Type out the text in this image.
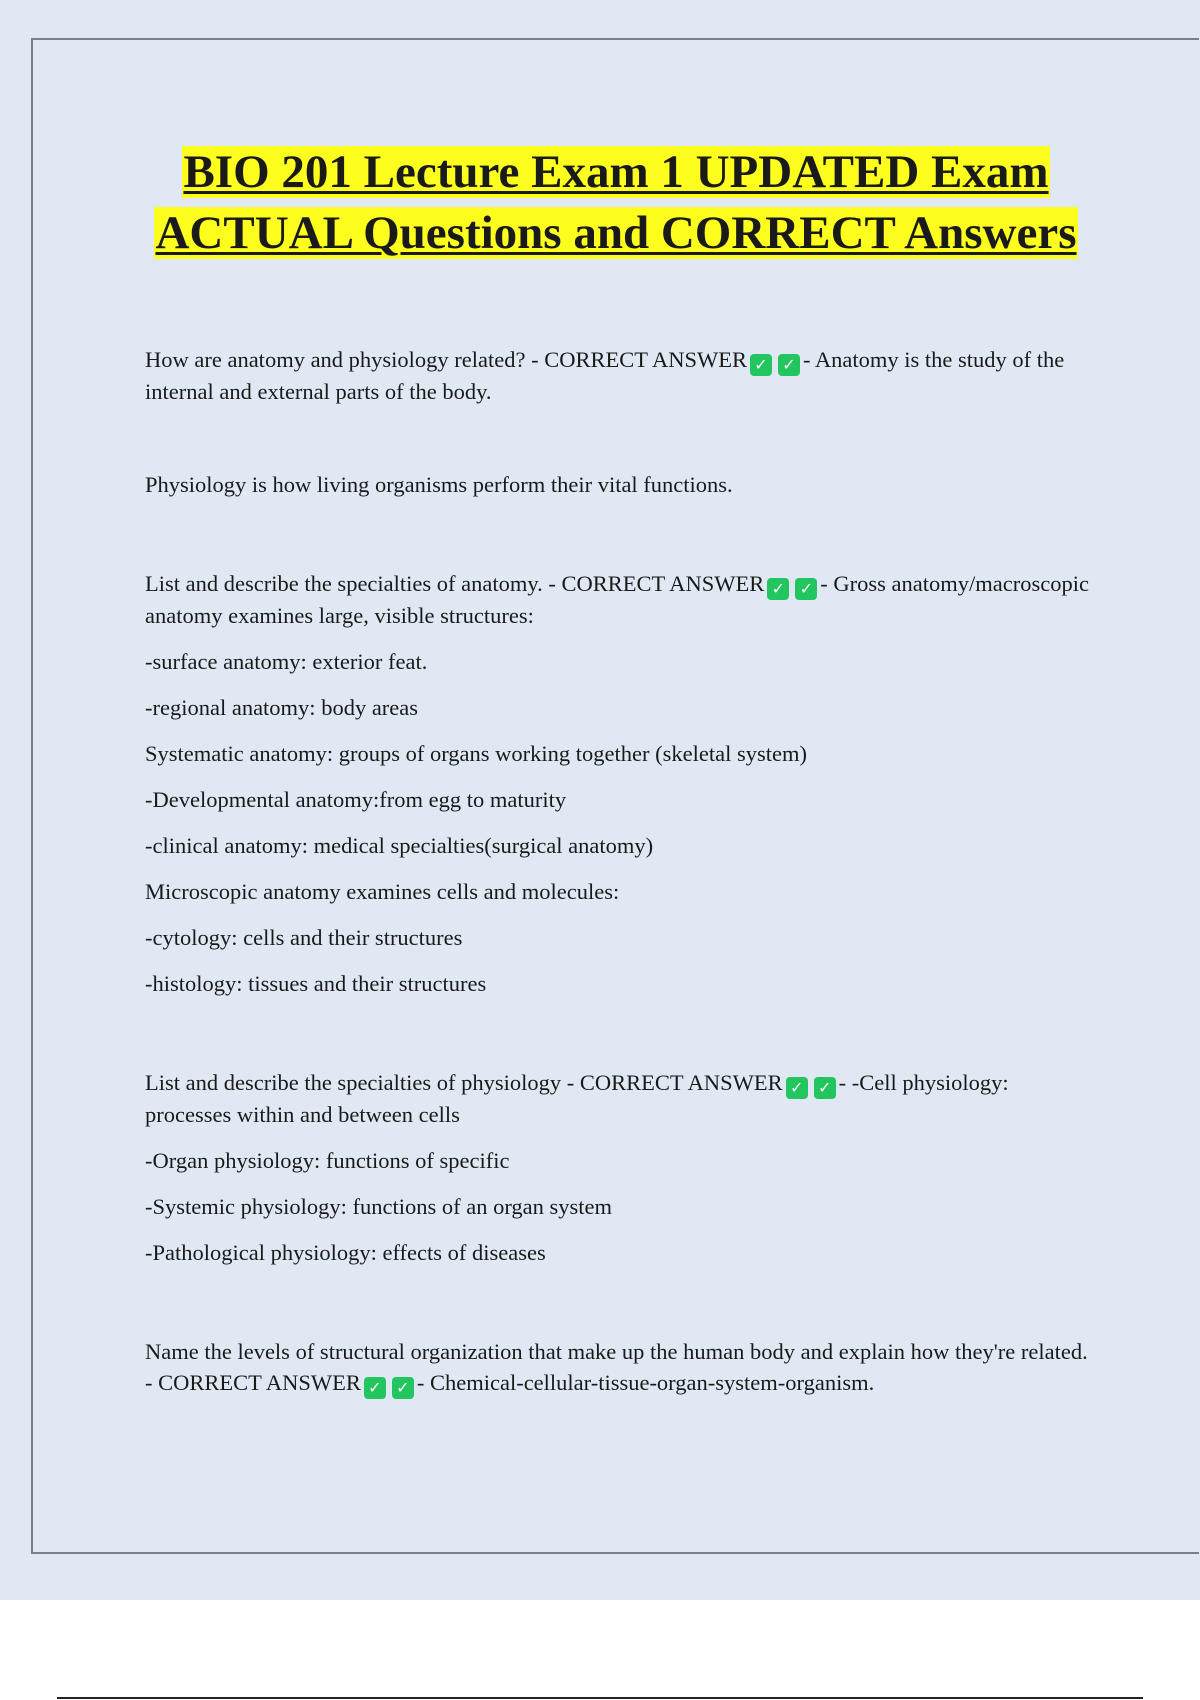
BIO 201 Lecture Exam 1 UPDATED Exam ACTUAL Questions and CORRECT Answers

How are anatomy and physiology related? - CORRECT ANSWER ✓ ✓ - Anatomy is the study of the internal and external parts of the body.

Physiology is how living organisms perform their vital functions.

List and describe the specialties of anatomy. - CORRECT ANSWER ✓ ✓ - Gross anatomy/macroscopic anatomy examines large, visible structures:

-surface anatomy: exterior feat.

-regional anatomy: body areas

Systematic anatomy: groups of organs working together (skeletal system)

-Developmental anatomy:from egg to maturity

-clinical anatomy: medical specialties(surgical anatomy)

Microscopic anatomy examines cells and molecules:

-cytology: cells and their structures

-histology: tissues and their structures

List and describe the specialties of physiology - CORRECT ANSWER ✓ ✓ - -Cell physiology: processes within and between cells

-Organ physiology: functions of specific

-Systemic physiology: functions of an organ system

-Pathological physiology: effects of diseases

Name the levels of structural organization that make up the human body and explain how they're related. - CORRECT ANSWER ✓ ✓ - Chemical-cellular-tissue-organ-system-organism.
